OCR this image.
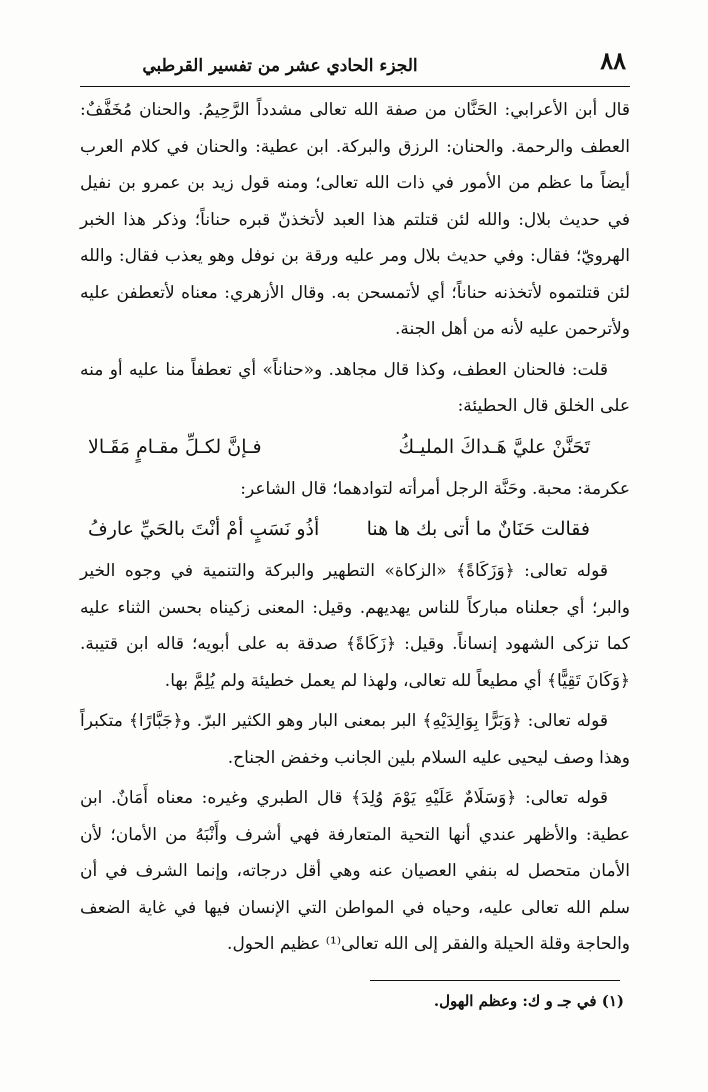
٨٨
الجزء الحادي عشر من تفسير القرطبي

قال أبن الأعرابي: الحَنَّان من صفة الله تعالى مشدداً الرَّحِيمُ. والحنان مُخَفَّفٌ: العطف والرحمة. والحنان: الرزق والبركة. ابن عطية: والحنان في كلام العرب أيضاً ما عظم من الأمور في ذات الله تعالى؛ ومنه قول زيد بن عمرو بن نفيل في حديث بلال: والله لئن قتلتم هذا العبد لأتخذنّ قبره حناناً؛ وذكر هذا الخبر الهرويّ؛ فقال: وفي حديث بلال ومر عليه ورقة بن نوفل وهو يعذب فقال: والله لئن قتلتموه لأتخذنه حناناً؛ أي لأتمسحن به. وقال الأزهري: معناه لأتعطفن عليه ولأترحمن عليه لأنه من أهل الجنة.

قلت: فالحنان العطف، وكذا قال مجاهد. و«حناناً» أي تعطفاً منا عليه أو منه على الخلق قال الحطيئة:

تَحَنَّنْ عليَّ هَـداكَ المليـكُ
فـإنَّ لكـلِّ مقـامٍ مَقَـالا

عكرمة: محبة. وحَنَّة الرجل أمرأته لتوادهما؛ قال الشاعر:

فقالت حَنَانٌ ما أتى بك ها هنا
أذُو نَسَبٍ أمْ أنْتَ بالحَيِّ عارفُ

قوله تعالى: ﴿وَزَكَاةً﴾ «الزكاة» التطهير والبركة والتنمية في وجوه الخير والبر؛ أي جعلناه مباركاً للناس يهديهم. وقيل: المعنى زكيناه بحسن الثناء عليه كما تزكى الشهود إنساناً. وقيل: ﴿زَكَاةً﴾ صدقة به على أبويه؛ قاله ابن قتيبة. ﴿وَكَانَ تَقِيًّا﴾ أي مطيعاً لله تعالى، ولهذا لم يعمل خطيئة ولم يُلِمَّ بها.

قوله تعالى: ﴿وَبَرًّا بِوَالِدَيْهِ﴾ البر بمعنى البار وهو الكثير البرّ. و﴿جَبَّارًا﴾ متكبراً وهذا وصف ليحيى عليه السلام بلين الجانب وخفض الجناح.

قوله تعالى: ﴿وَسَلَامٌ عَلَيْهِ يَوْمَ وُلِدَ﴾ قال الطبري وغيره: معناه أَمَانٌ. ابن عطية: والأظهر عندي أنها التحية المتعارفة فهي أشرف وأَنْبَهُ من الأمان؛ لأن الأمان متحصل له بنفي العصيان عنه وهي أقل درجاته، وإنما الشرف في أن سلم الله تعالى عليه، وحياه في المواطن التي الإنسان فيها في غاية الضعف والحاجة وقلة الحيلة والفقر إلى الله تعالى⁽¹⁾ عظيم الحول.

(١) في جـ و ك: وعظم الهول.
